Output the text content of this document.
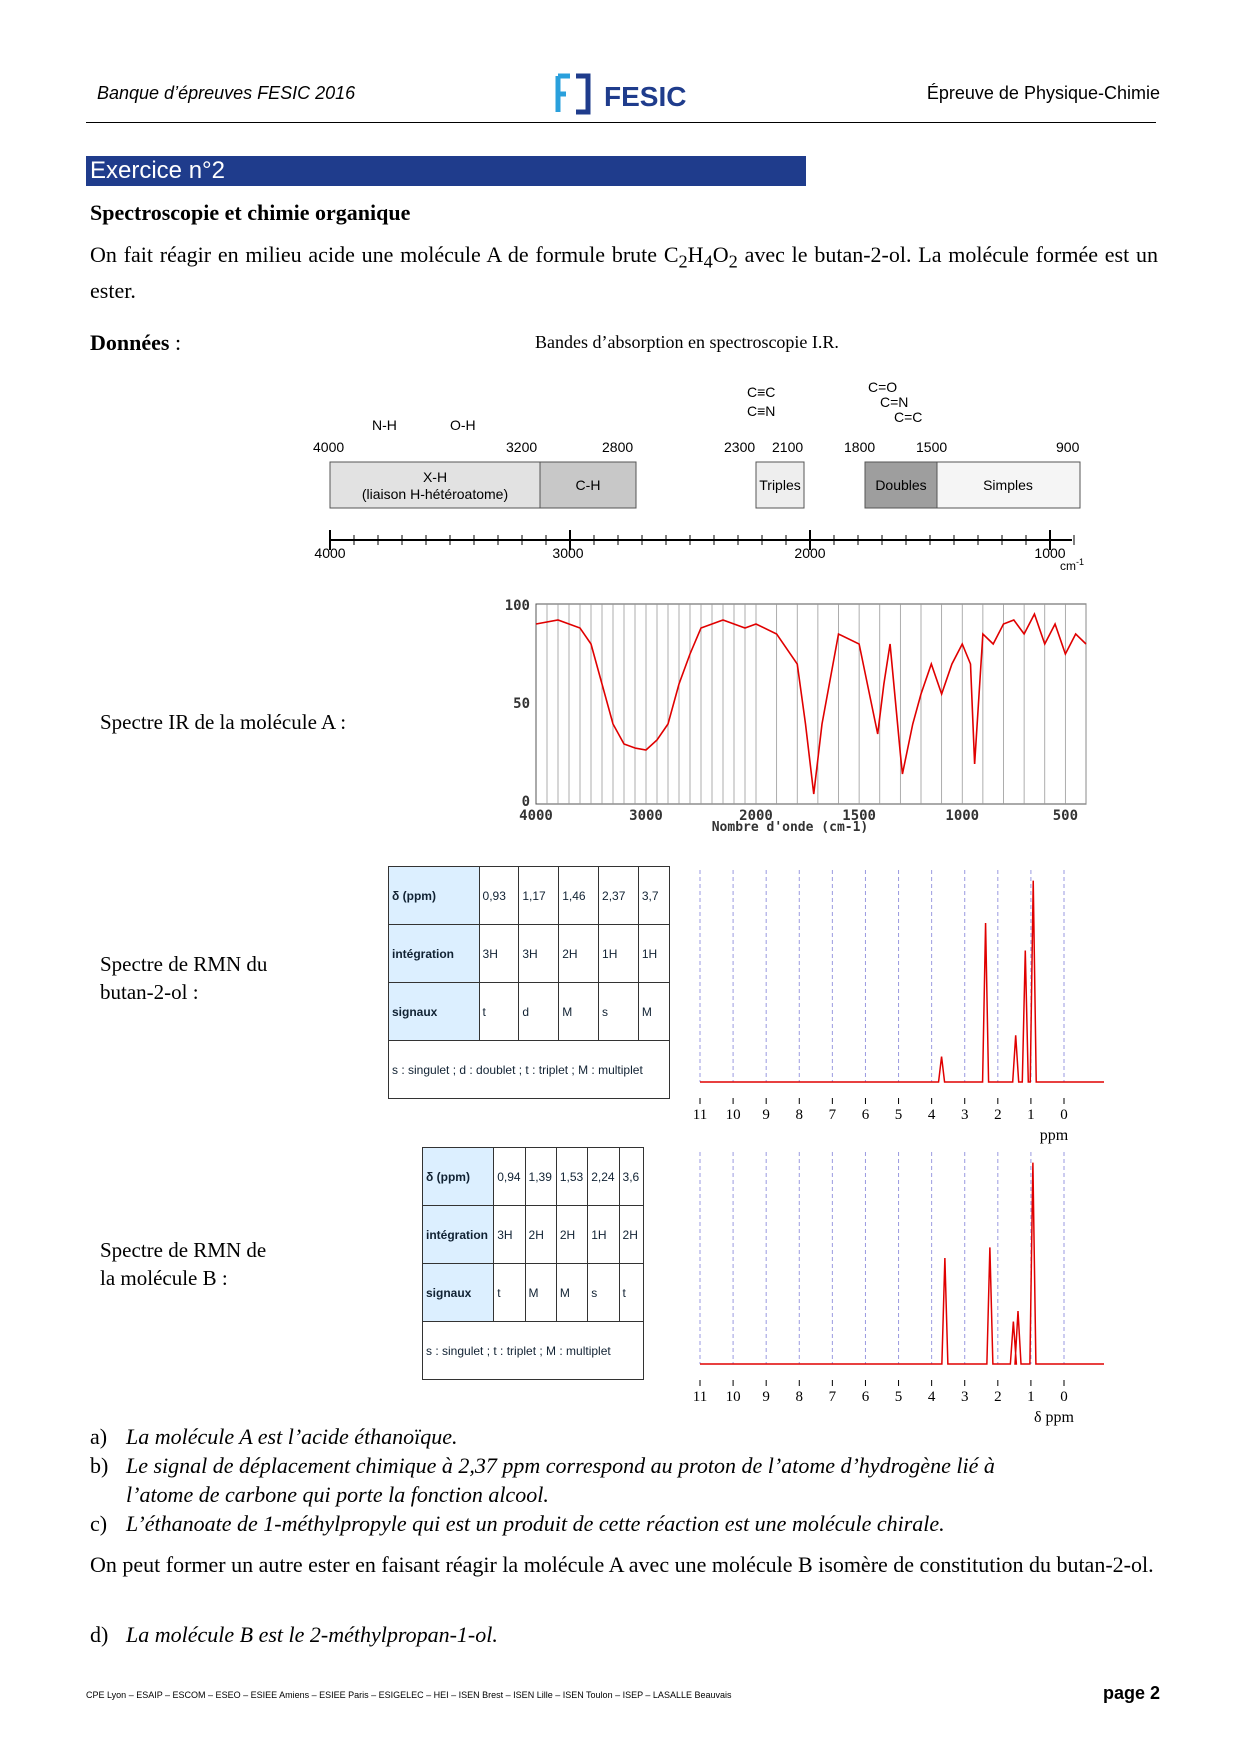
Banque d’épreuves FESIC 2016	FESIC	Épreuve de Physique-Chimie
Exercice n°2
Spectroscopie et chimie organique
On fait réagir en milieu acide une molécule A de formule brute $C_2H_4O_2$ avec le butan-2-ol. La molécule formée est un ester.
Données :	Bandes d’absorption en spectroscopie I.R.
N-H	O-H
C≡C
C≡N
C=O
C=N
C=C
4000	3200	2800	2300 2100	1800	1500	900
X-H
(liaison H-hétéroatome)
C-H	Triples	Doubles	Simples
4000	3000	2000	1000
$cm^{-1}$
Spectre IR de la molécule A :
100
50
0
4000	3000	2000	1500	1000	500
Nombre d'onde (cm-1)
Spectre de RMN du
butan-2-ol :
δ (ppm)	0,93	1,17	1,46	2,37	3,7
intégration	3H	3H	2H	1H	1H
signaux	t	d	M	s	M
s : singulet ; d : doublet ; t : triplet ; M : multiplet					
11 10 9 8 7 6 5 4 3 2 1 0
ppm
Spectre de RMN de
la molécule B :
δ (ppm)	0,94	1,39	1,53	2,24	3,6
intégration	3H	2H	2H	1H	2H
signaux	t	M	M	s	t
s : singulet ; t : triplet ; M : multiplet					
11 10 9 8 7 6 5 4 3 2 1 0
δ ppm
a) La molécule A est l’acide éthanoïque.
b) Le signal de déplacement chimique à 2,37 ppm correspond au proton de l’atome d’hydrogène lié à
l’atome de carbone qui porte la fonction alcool.
c) L’éthanoate de 1-méthylpropyle qui est un produit de cette réaction est une molécule chirale.
On peut former un autre ester en faisant réagir la molécule A avec une molécule B isomère de constitution du butan-2-ol.
d) La molécule B est le 2-méthylpropan-1-ol.
CPE Lyon – ESAIP – ESCOM – ESEO – ESIEE Amiens – ESIEE Paris – ESIGELEC – HEI – ISEN Brest – ISEN Lille – ISEN Toulon – ISEP – LASALLE Beauvais	page 2
